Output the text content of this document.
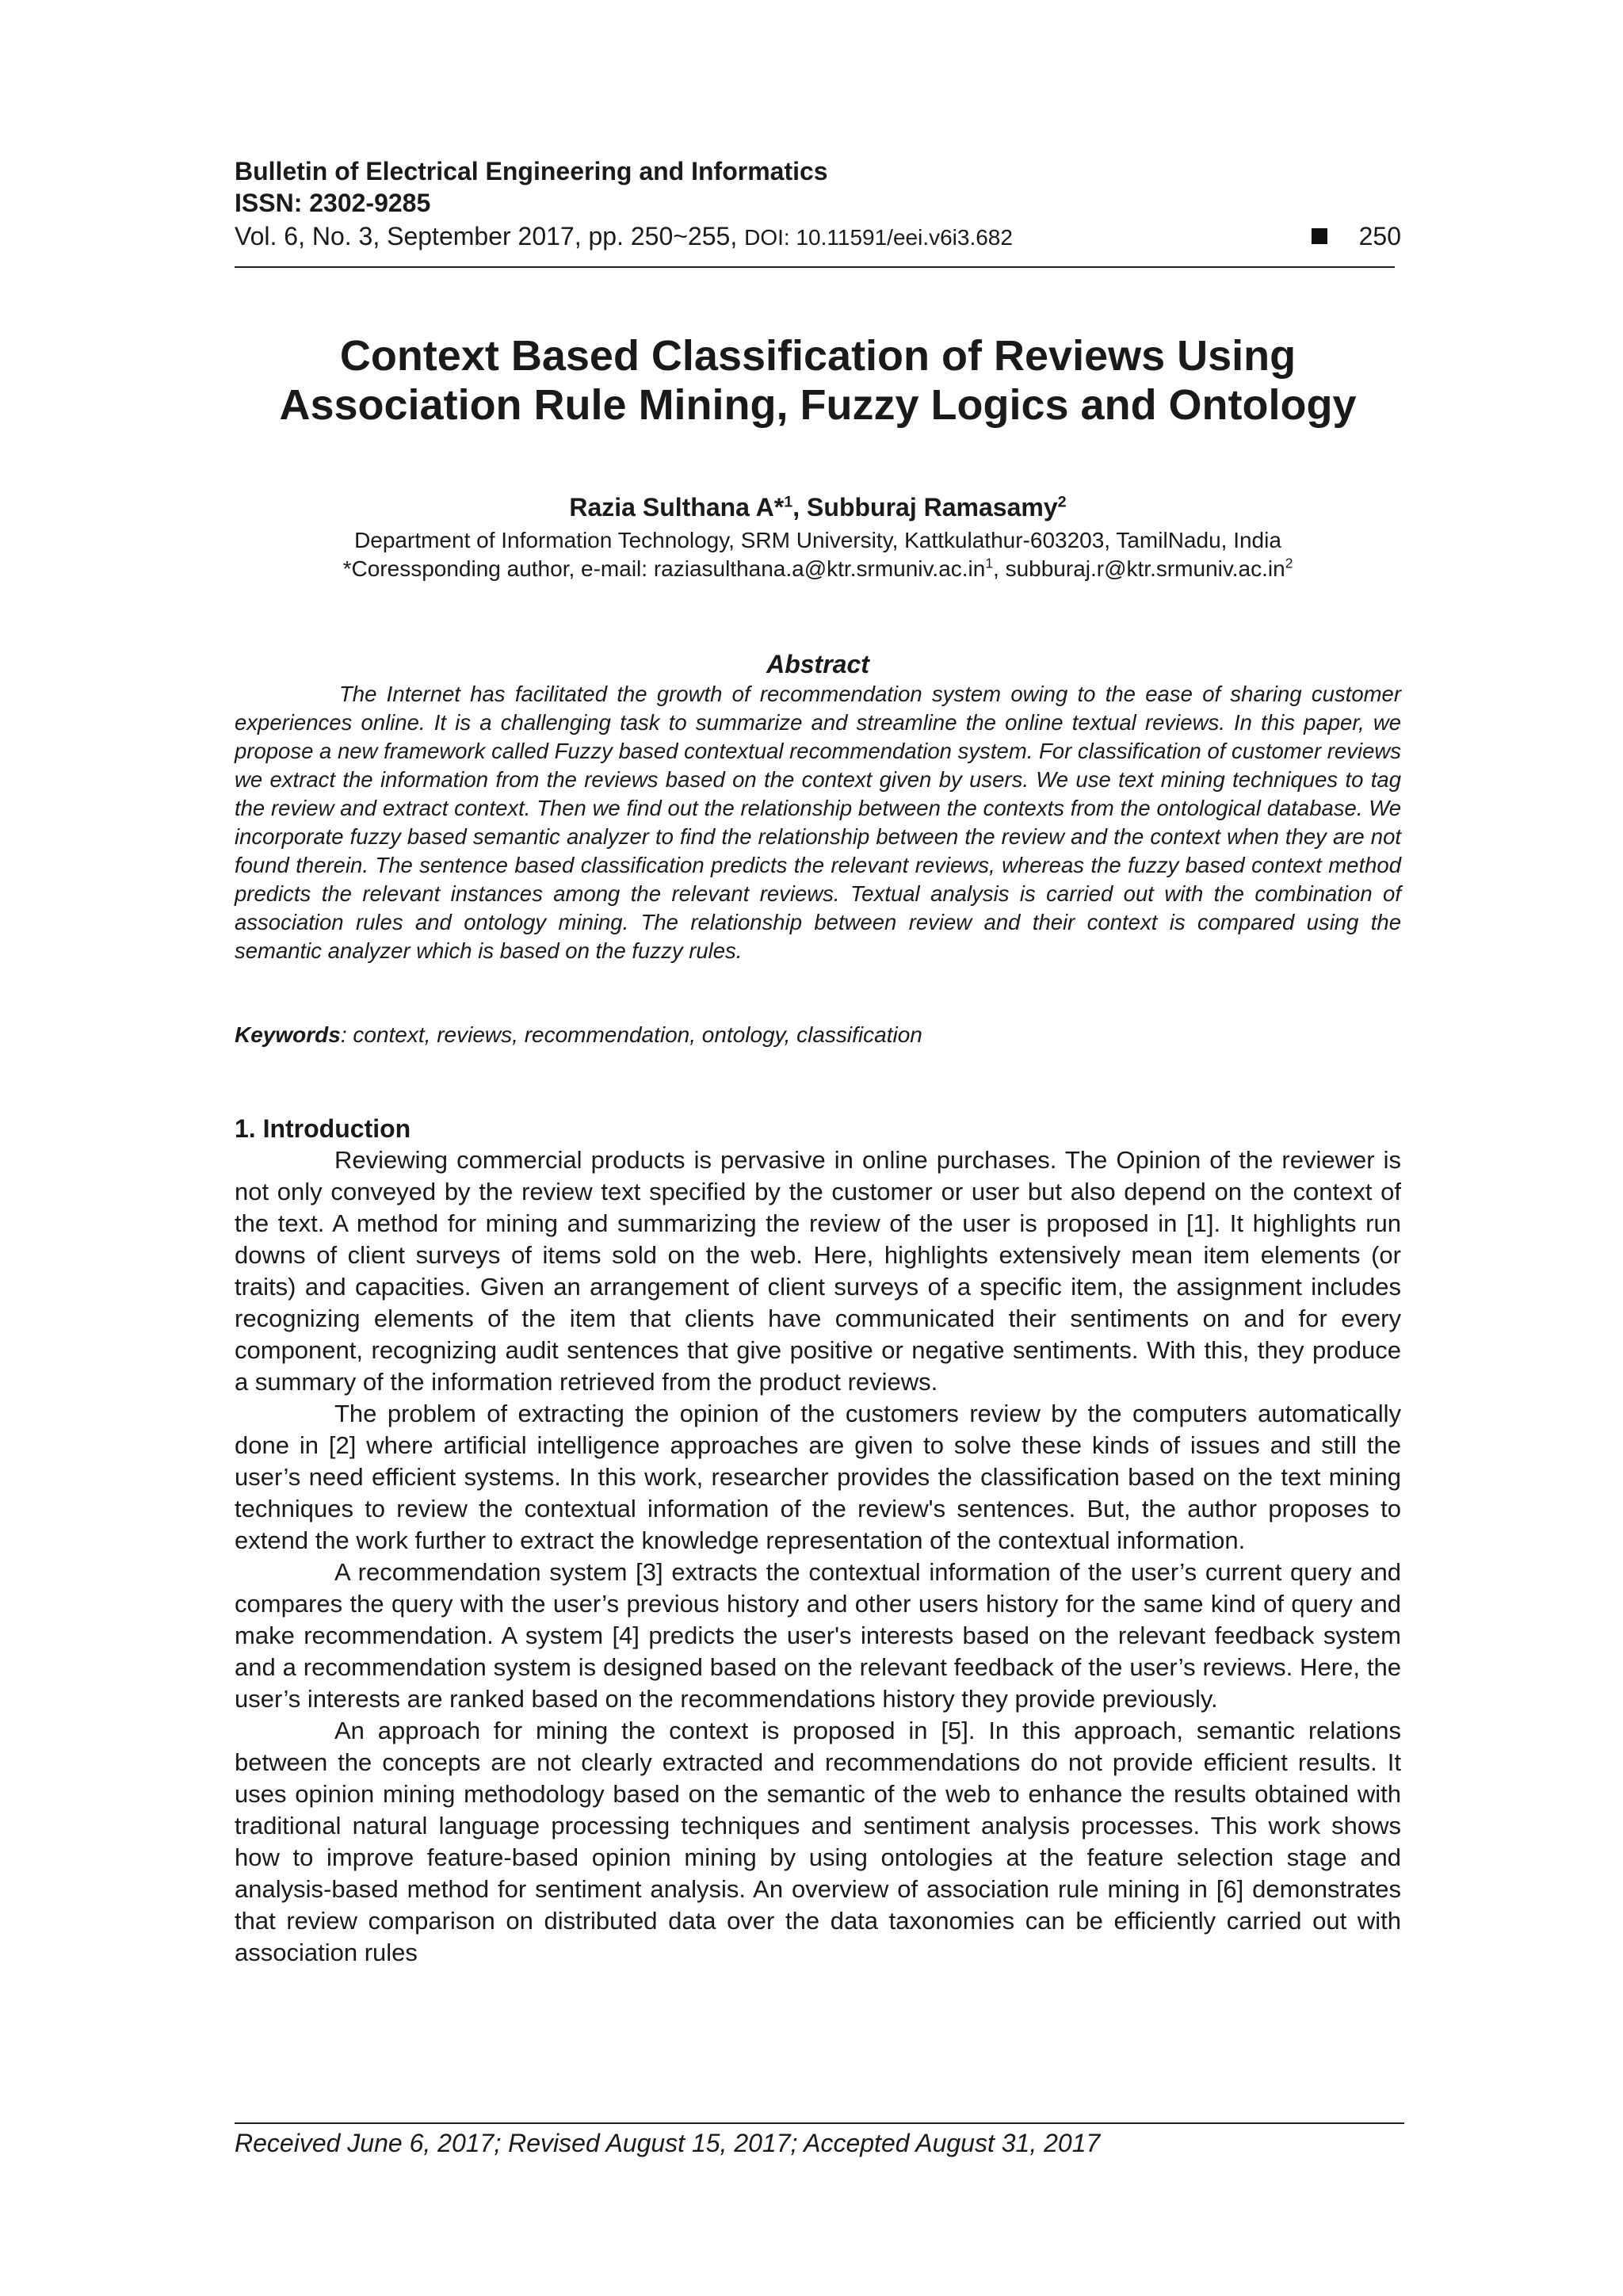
Bulletin of Electrical Engineering and Informatics

ISSN: 2302-9285

Vol. 6, No. 3, September 2017, pp. 250~255, DOI: 10.11591/eei.v6i3.682	250
Context Based Classification of Reviews Using
Association Rule Mining, Fuzzy Logics and Ontology
Razia Sulthana A*$^1$, Subburaj Ramasamy$^2$
Department of Information Technology, SRM University, Kattkulathur-603203, TamilNadu, India
*Coressponding author, e-mail: $raziasulthana.a@ktr.srmuniv.ac.in^1$, $subburaj.r@ktr.srmuniv.ac.in^2$
Abstract

The Internet has facilitated the growth of recommendation system owing to the ease of sharing customer experiences online. It is a challenging task to summarize and streamline the online textual reviews. In this paper, we propose a new framework called Fuzzy based contextual recommendation system. For classification of customer reviews we extract the information from the reviews based on the context given by users. We use text mining techniques to tag the review and extract context. Then we find out the relationship between the contexts from the ontological database. We incorporate fuzzy based semantic analyzer to find the relationship between the review and the context when they are not found therein. The sentence based classification predicts the relevant reviews, whereas the fuzzy based context method predicts the relevant instances among the relevant reviews. Textual analysis is carried out with the combination of association rules and ontology mining. The relationship between review and their context is compared using the semantic analyzer which is based on the fuzzy rules.

Keywords: context, reviews, recommendation, ontology, classification

1. Introduction

Reviewing commercial products is pervasive in online purchases. The Opinion of the reviewer is not only conveyed by the review text specified by the customer or user but also depend on the context of the text. A method for mining and summarizing the review of the user is proposed in [1]. It highlights run downs of client surveys of items sold on the web. Here, highlights extensively mean item elements (or traits) and capacities. Given an arrangement of client surveys of a specific item, the assignment includes recognizing elements of the item that clients have communicated their sentiments on and for every component, recognizing audit sentences that give positive or negative sentiments. With this, they produce a summary of the information retrieved from the product reviews.

The problem of extracting the opinion of the customers review by the computers automatically done in [2] where artificial intelligence approaches are given to solve these kinds of issues and still the user’s need efficient systems. In this work, researcher provides the classification based on the text mining techniques to review the contextual information of the review's sentences. But, the author proposes to extend the work further to extract the knowledge representation of the contextual information.

A recommendation system [3] extracts the contextual information of the user’s current query and compares the query with the user’s previous history and other users history for the same kind of query and make recommendation. A system [4] predicts the user's interests based on the relevant feedback system and a recommendation system is designed based on the relevant feedback of the user’s reviews. Here, the user’s interests are ranked based on the recommendations history they provide previously.

An approach for mining the context is proposed in [5]. In this approach, semantic relations between the concepts are not clearly extracted and recommendations do not provide efficient results. It uses opinion mining methodology based on the semantic of the web to enhance the results obtained with traditional natural language processing techniques and sentiment analysis processes. This work shows how to improve feature-based opinion mining by using ontologies at the feature selection stage and analysis-based method for sentiment analysis. An overview of association rule mining in [6] demonstrates that review comparison on distributed data over the data taxonomies can be efficiently carried out with association rules

Received June 6, 2017; Revised August 15, 2017; Accepted August 31, 2017
